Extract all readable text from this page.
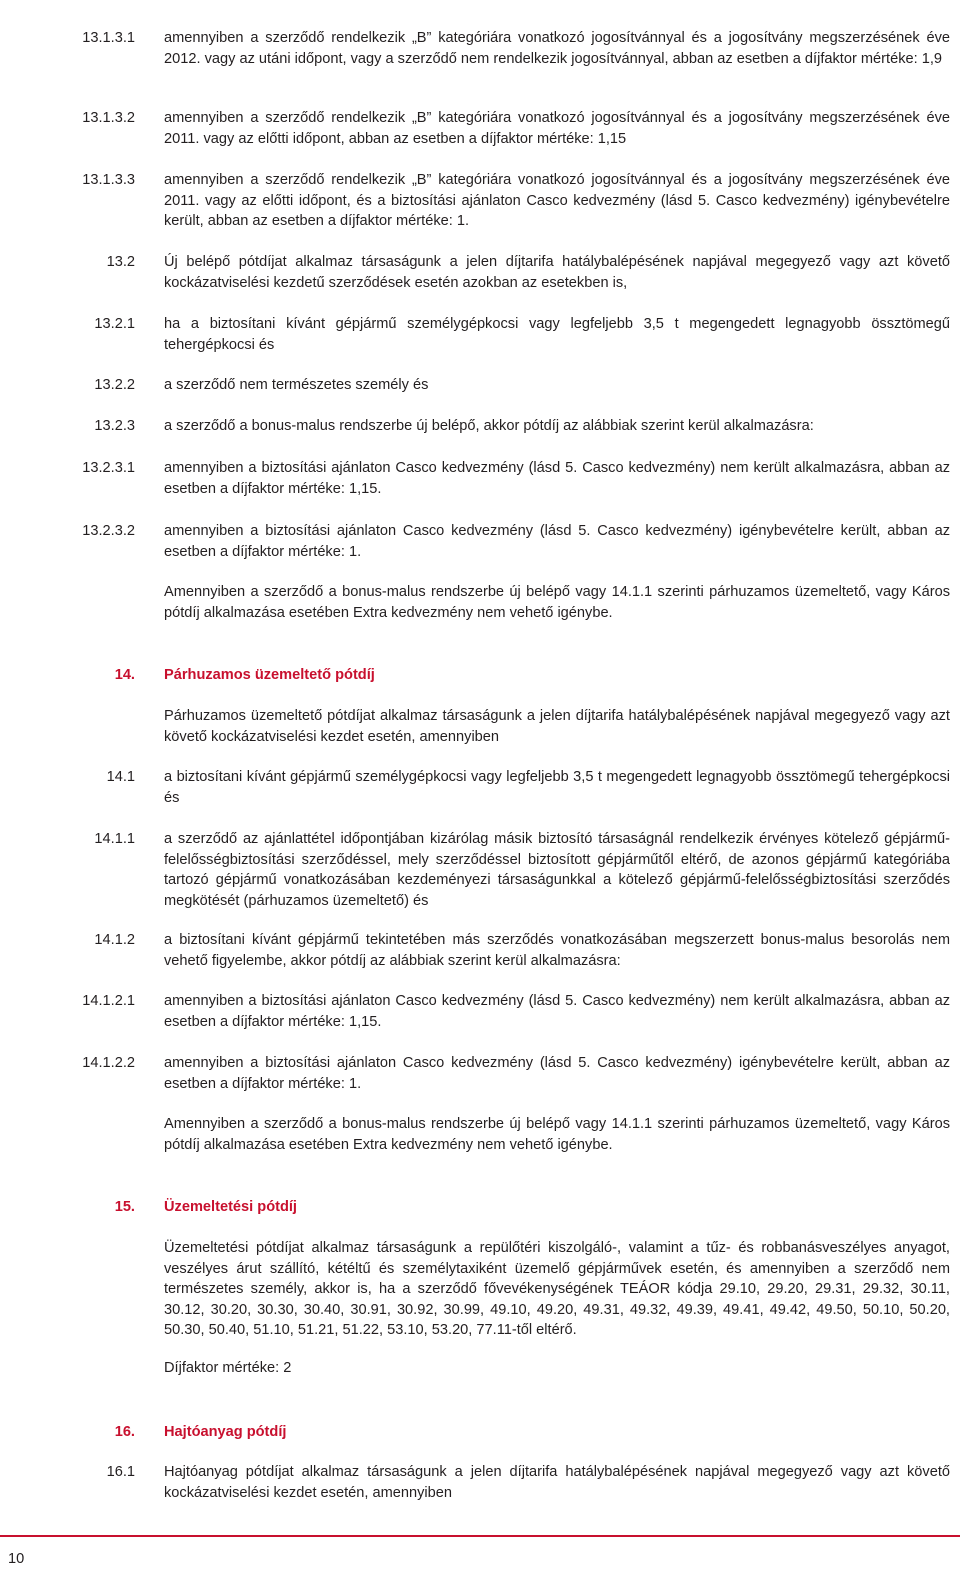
13.1.3.1 amennyiben a szerződő rendelkezik „B” kategóriára vonatkozó jogosítvánnyal és a jogosítvány megszerzésének éve 2012. vagy az utáni időpont, vagy a szerződő nem rendelkezik jogosítvánnyal, abban az esetben a díjfaktor mértéke: 1,9
13.1.3.2 amennyiben a szerződő rendelkezik „B” kategóriára vonatkozó jogosítvánnyal és a jogosítvány megszerzésének éve 2011. vagy az előtti időpont, abban az esetben a díjfaktor mértéke: 1,15
13.1.3.3 amennyiben a szerződő rendelkezik „B” kategóriára vonatkozó jogosítvánnyal és a jogosítvány megszerzésének éve 2011. vagy az előtti időpont, és a biztosítási ajánlaton Casco kedvezmény (lásd 5. Casco kedvezmény) igénybevételre került, abban az esetben a díjfaktor mértéke: 1.
13.2 Új belépő pótdíjat alkalmaz társaságunk a jelen díjtarifa hatálybalépésének napjával megegyező vagy azt követő kockázatviselési kezdetű szerződések esetén azokban az esetekben is,
13.2.1 ha a biztosítani kívánt gépjármű személygépkocsi vagy legfeljebb 3,5 t megengedett legnagyobb össztömegű tehergépkocsi és
13.2.2 a szerződő nem természetes személy és
13.2.3 a szerződő a bonus-malus rendszerbe új belépő, akkor pótdíj az alábbiak szerint kerül alkalmazásra:
13.2.3.1 amennyiben a biztosítási ajánlaton Casco kedvezmény (lásd 5. Casco kedvezmény) nem került alkalmazásra, abban az esetben a díjfaktor mértéke: 1,15.
13.2.3.2 amennyiben a biztosítási ajánlaton Casco kedvezmény (lásd 5. Casco kedvezmény) igénybevételre került, abban az esetben a díjfaktor mértéke: 1.
Amennyiben a szerződő a bonus-malus rendszerbe új belépő vagy 14.1.1 szerinti párhuzamos üzemeltető, vagy Káros pótdíj alkalmazása esetében Extra kedvezmény nem vehető igénybe.
14. Párhuzamos üzemeltető pótdíj
Párhuzamos üzemeltető pótdíjat alkalmaz társaságunk a jelen díjtarifa hatálybalépésének napjával megegyező vagy azt követő kockázatviselési kezdet esetén, amennyiben
14.1 a biztosítani kívánt gépjármű személygépkocsi vagy legfeljebb 3,5 t megengedett legnagyobb össztömegű tehergépkocsi és
14.1.1 a szerződő az ajánlattétel időpontjában kizárólag másik biztosító társaságnál rendelkezik érvényes kötelező gépjármű-felelősségbiztosítási szerződéssel, mely szerződéssel biztosított gépjárműtől eltérő, de azonos gépjármű kategóriába tartozó gépjármű vonatkozásában kezdeményezi társaságunkkal a kötelező gépjármű-felelősségbiztosítási szerződés megkötését (párhuzamos üzemeltető) és
14.1.2 a biztosítani kívánt gépjármű tekintetében más szerződés vonatkozásában megszerzett bonus-malus besorolás nem vehető figyelembe, akkor pótdíj az alábbiak szerint kerül alkalmazásra:
14.1.2.1 amennyiben a biztosítási ajánlaton Casco kedvezmény (lásd 5. Casco kedvezmény) nem került alkalmazásra, abban az esetben a díjfaktor mértéke: 1,15.
14.1.2.2 amennyiben a biztosítási ajánlaton Casco kedvezmény (lásd 5. Casco kedvezmény) igénybevételre került, abban az esetben a díjfaktor mértéke: 1.
Amennyiben a szerződő a bonus-malus rendszerbe új belépő vagy 14.1.1 szerinti párhuzamos üzemeltető, vagy Káros pótdíj alkalmazása esetében Extra kedvezmény nem vehető igénybe.
15. Üzemeltetési pótdíj
Üzemeltetési pótdíjat alkalmaz társaságunk a repülőtéri kiszolgáló-, valamint a tűz- és robbanásveszélyes anyagot, veszélyes árut szállító, kétéltű és személytaxiként üzemelő gépjárművek esetén, és amennyiben a szerződő nem természetes személy, akkor is, ha a szerződő fővevékenységének TEÁOR kódja 29.10, 29.20, 29.31, 29.32, 30.11, 30.12, 30.20, 30.30, 30.40, 30.91, 30.92, 30.99, 49.10, 49.20, 49.31, 49.32, 49.39, 49.41, 49.42, 49.50, 50.10, 50.20, 50.30, 50.40, 51.10, 51.21, 51.22, 53.10, 53.20, 77.11-től eltérő.
Díjfaktor mértéke: 2
16. Hajtóanyag pótdíj
16.1 Hajtóanyag pótdíjat alkalmaz társaságunk a jelen díjtarifa hatálybalépésének napjával megegyező vagy azt követő kockázatviselési kezdet esetén, amennyiben
10
